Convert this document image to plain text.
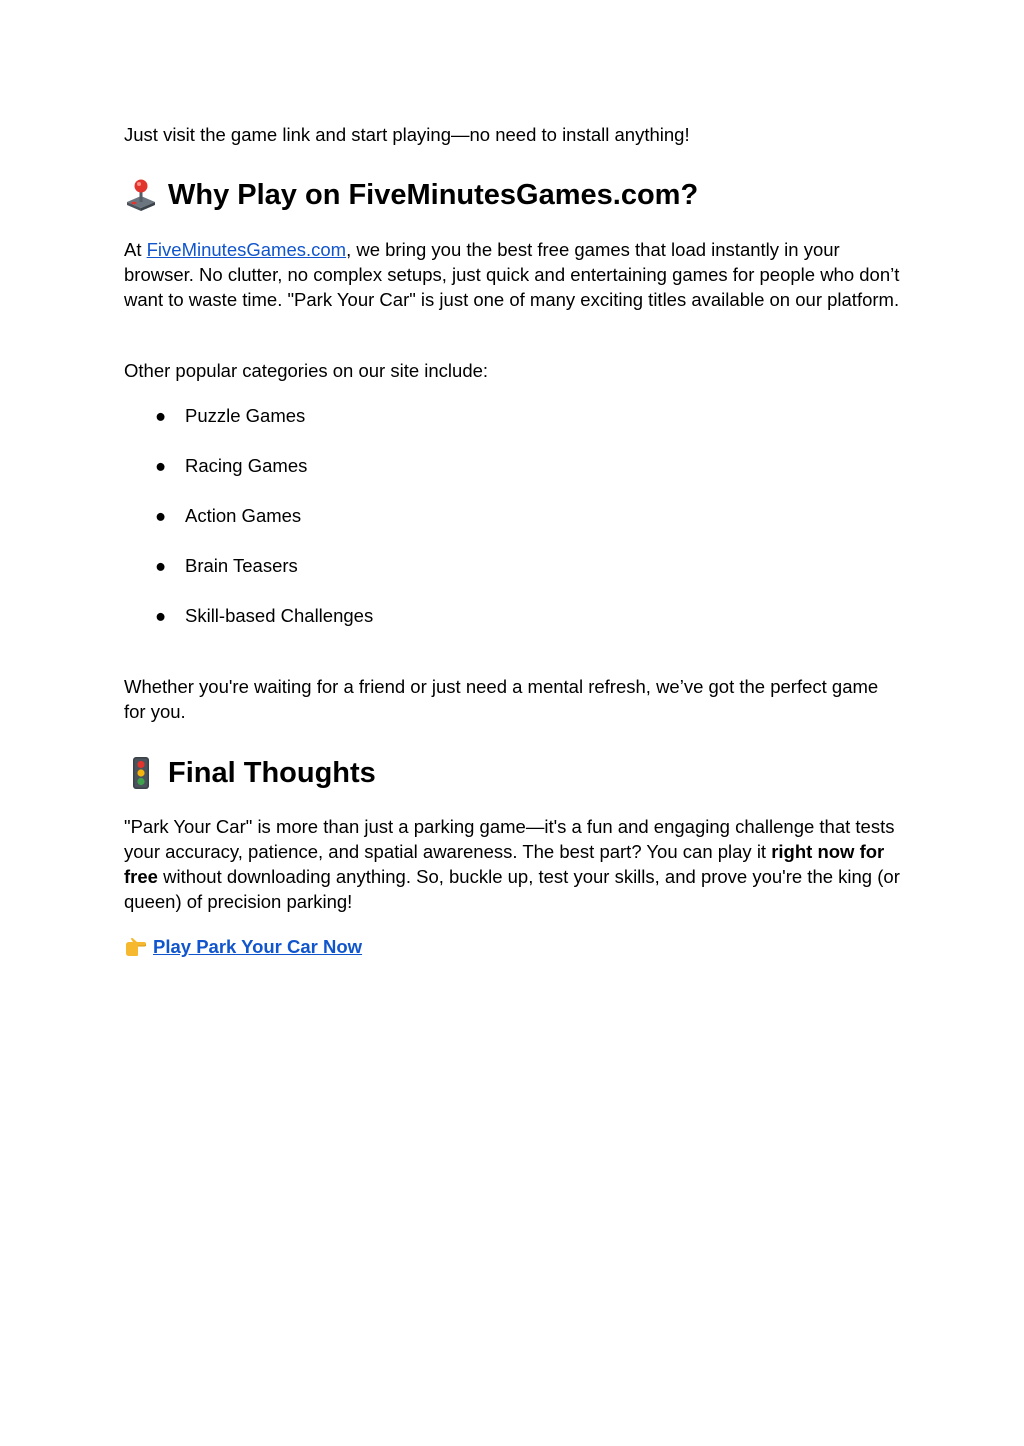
Just visit the game link and start playing—no need to install anything!

Why Play on FiveMinutesGames.com?

At FiveMinutesGames.com, we bring you the best free games that load instantly in your browser. No clutter, no complex setups, just quick and entertaining games for people who don’t want to waste time. "Park Your Car" is just one of many exciting titles available on our platform.

Other popular categories on our site include:

● Puzzle Games
● Racing Games
● Action Games
● Brain Teasers
● Skill-based Challenges

Whether you're waiting for a friend or just need a mental refresh, we’ve got the perfect game for you.

Final Thoughts

"Park Your Car" is more than just a parking game—it's a fun and engaging challenge that tests your accuracy, patience, and spatial awareness. The best part? You can play it right now for free without downloading anything. So, buckle up, test your skills, and prove you're the king (or queen) of precision parking!

Play Park Your Car Now
